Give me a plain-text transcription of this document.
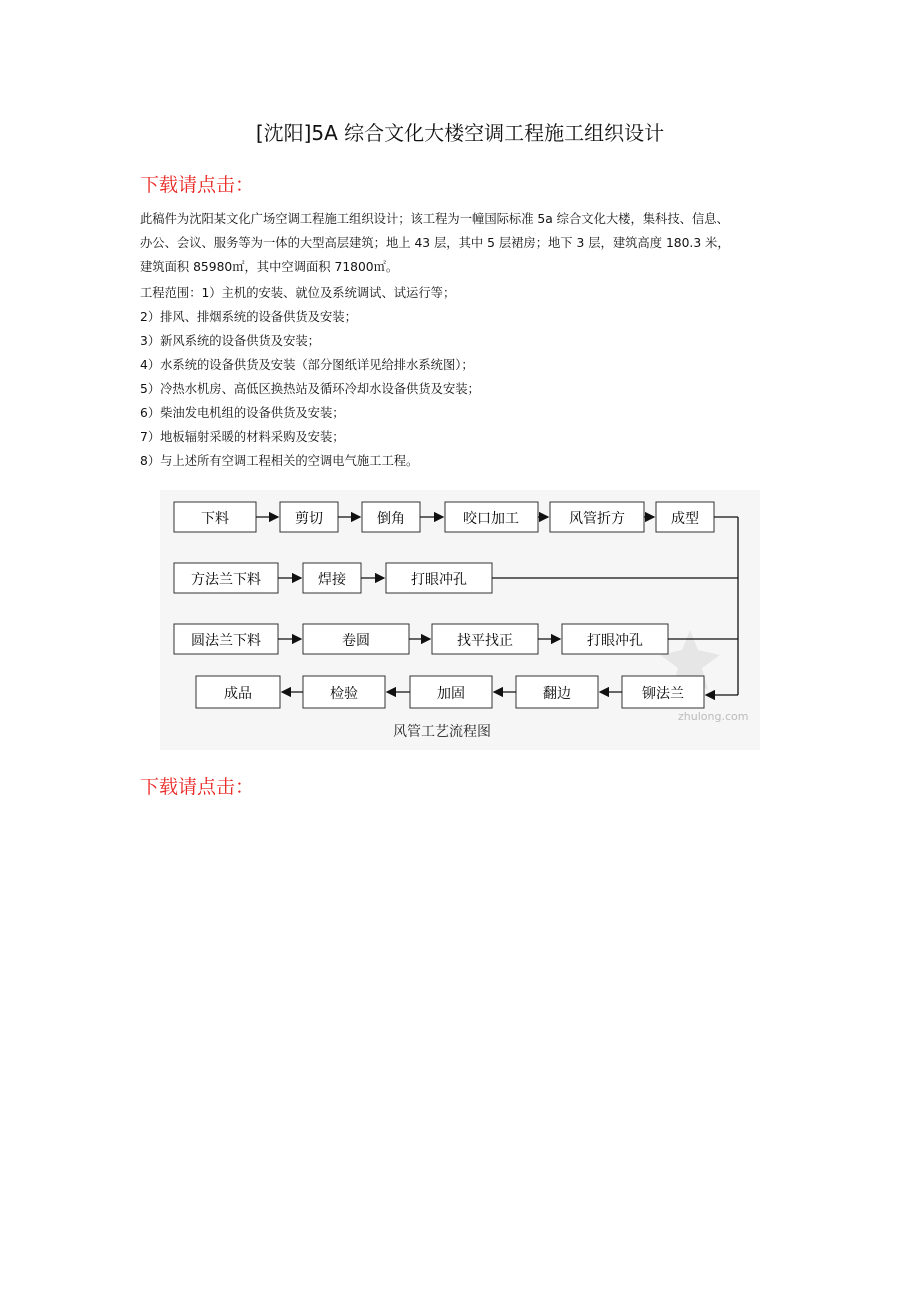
[沈阳]5A 综合文化大楼空调工程施工组织设计
下载请点击：

此稿件为沈阳某文化广场空调工程施工组织设计；该工程为一幢国际标准 5a 综合文化大楼，集科技、信息、

办公、会议、服务等为一体的大型高层建筑；地上 43 层，其中 5 层裙房；地下 3 层，建筑高度 180.3 米，

建筑面积 85980㎡，其中空调面积 71800㎡。

工程范围：1）主机的安装、就位及系统调试、试运行等；

2）排风、排烟系统的设备供货及安装；

3）新风系统的设备供货及安装；

4）水系统的设备供货及安装（部分图纸详见给排水系统图）；

5）冷热水机房、高低区换热站及循环冷却水设备供货及安装；

6）柴油发电机组的设备供货及安装；

7）地板辐射采暖的材料采购及安装；

8）与上述所有空调工程相关的空调电气施工工程。

zhulong.com
下料	剪切	倒角	咬口加工	风管折方	成型
方法兰下料	焊接	打眼冲孔
圆法兰下料	卷圆	找平找正	打眼冲孔
成品	检验	加固	翻边	铆法兰
风管工艺流程图
下载请点击：
